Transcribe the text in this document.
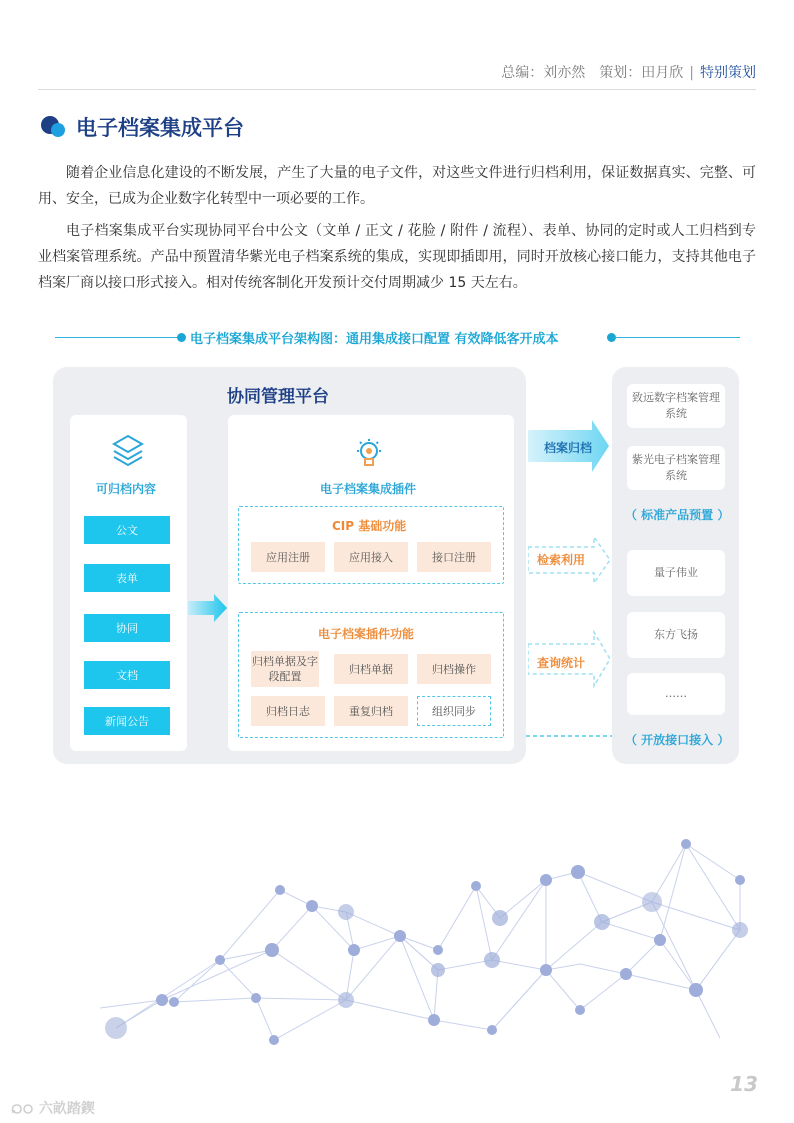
总编：刘亦然 策划：田月欣 | 特别策划
电子档案集成平台
随着企业信息化建设的不断发展，产生了大量的电子文件，对这些文件进行归档利用，保证数据真实、完整、可用、安全，已成为企业数字化转型中一项必要的工作。
电子档案集成平台实现协同平台中公文（文单 / 正文 / 花脸 / 附件 / 流程）、表单、协同的定时或人工归档到专业档案管理系统。产品中预置清华紫光电子档案系统的集成，实现即插即用，同时开放核心接口能力，支持其他电子档案厂商以接口形式接入。相对传统客制化开发预计交付周期减少 15 天左右。
电子档案集成平台架构图：通用集成接口配置 有效降低客开成本
协同管理平台
可归档内容
公文
表单
协同
文档
新闻公告
电子档案集成插件
CIP 基础功能
应用注册	应用接入	接口注册
电子档案插件功能
归档单据及字段配置
归档单据	归档操作
归档日志	重复归档	组织同步
档案归档
检索利用
查询统计
致远数字档案管理系统
紫光电子档案管理系统
（ 标准产品预置 ）
量子伟业
东方飞扬
……
（ 开放接口接入 ）
13
六畝踏鍥
